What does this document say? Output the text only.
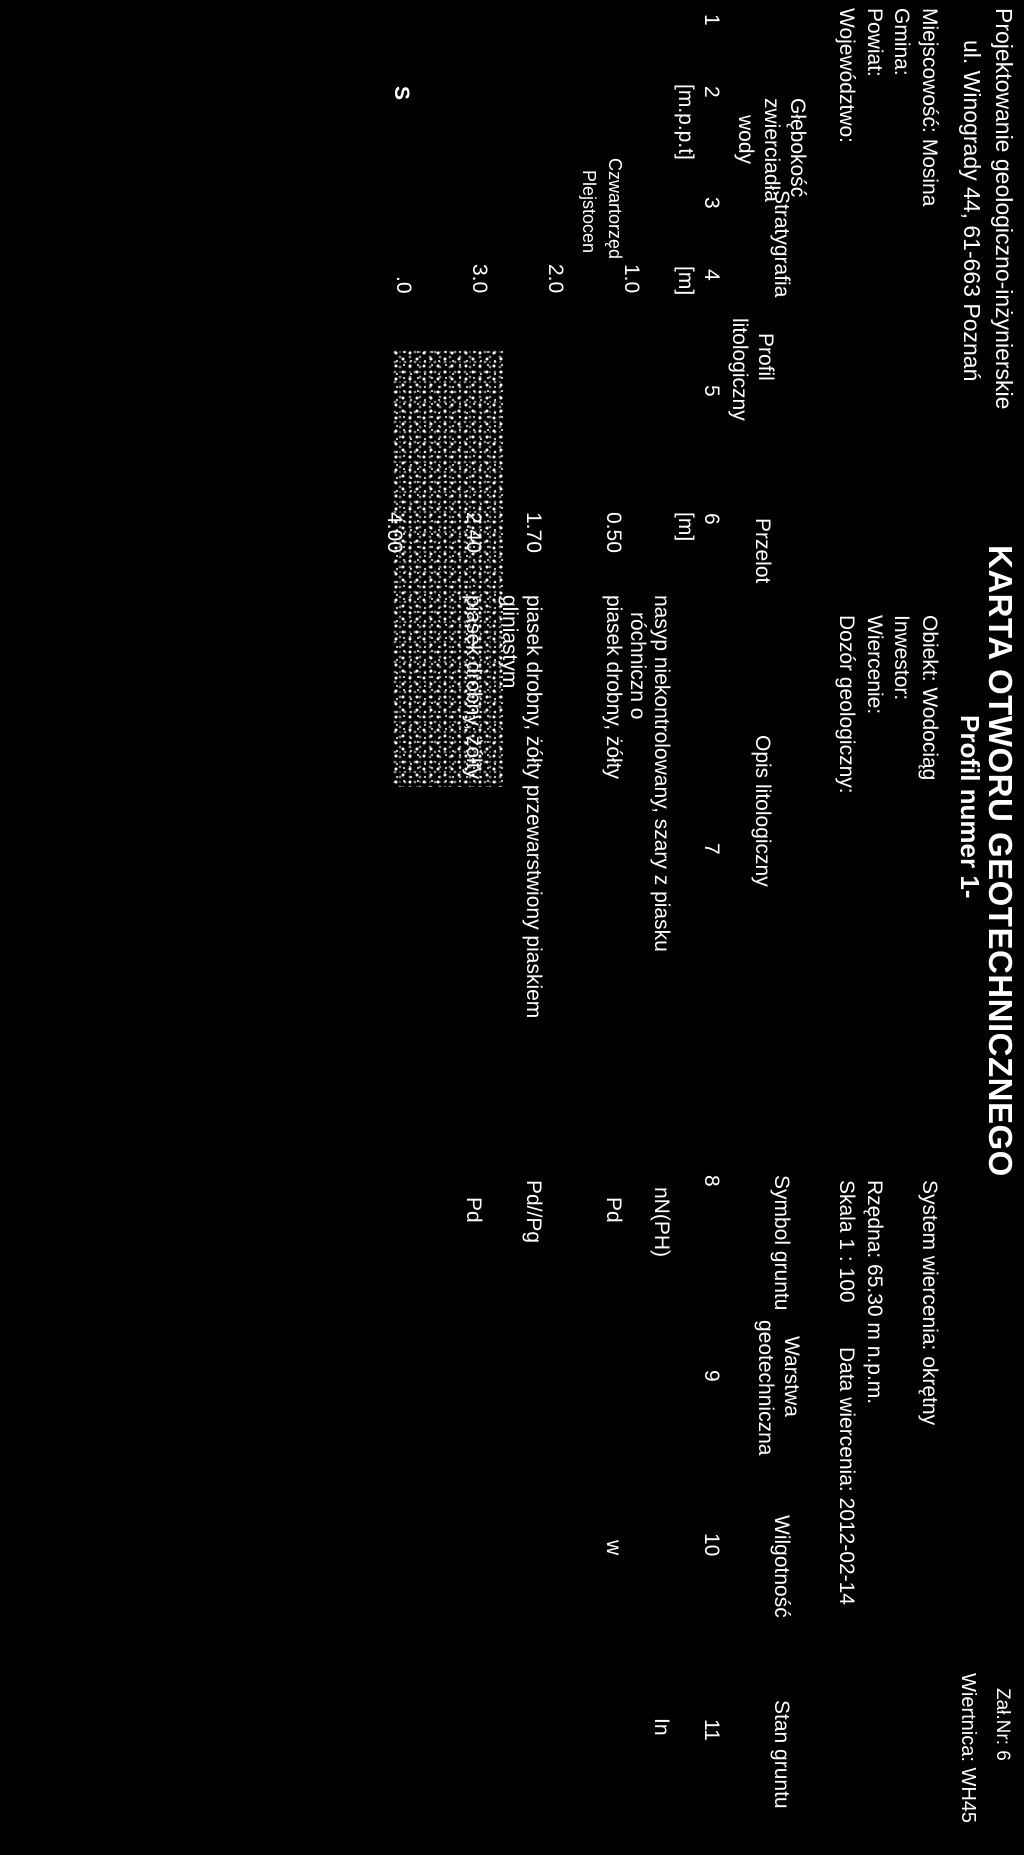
Projektowanie geologiczno-inżynierskie
ul. Winogrady 44, 61-663 Poznań
KARTA OTWORU GEOTECHNICZNEGO
Zał.Nr: 6
Profil numer 1-
Wiertnica: WH45
Miejscowość: Mosina
Gmina:
Powiat:
Województwo:
Obiekt: Wodociąg
Inwestor:
Wiercenie:
Dozór geologiczny:
System wiercenia: okrętny
Rzędna: 65.30 m n.p.m.
Skala 1 : 100
Data wiercenia: 2012-02-14
Głębokość
zwierciadła
wody
Stratygrafia
Profil
litologiczny
Przelot
Opis litologiczny
Symbol gruntu
Warstwa
geotechniczna
Wilgotność
Stan gruntu
1
2
3
4
5
6
7
8
9
10
11
[m.p.p.t]
[m]
[m]
Czwartorzęd
Plejstocen
1.0
2.0
3.0
.0
S
0.50
1.70
2.40
4.00
nasyp niekontrolowany, szary z piasku
róchniczn o
piasek drobny, żółty
piasek drobny, żółty przewarstwiony piaskiem
gliniastym
piasek drobny, żółty
nN(PH)
Pd
Pd//Pg
Pd
w
In
